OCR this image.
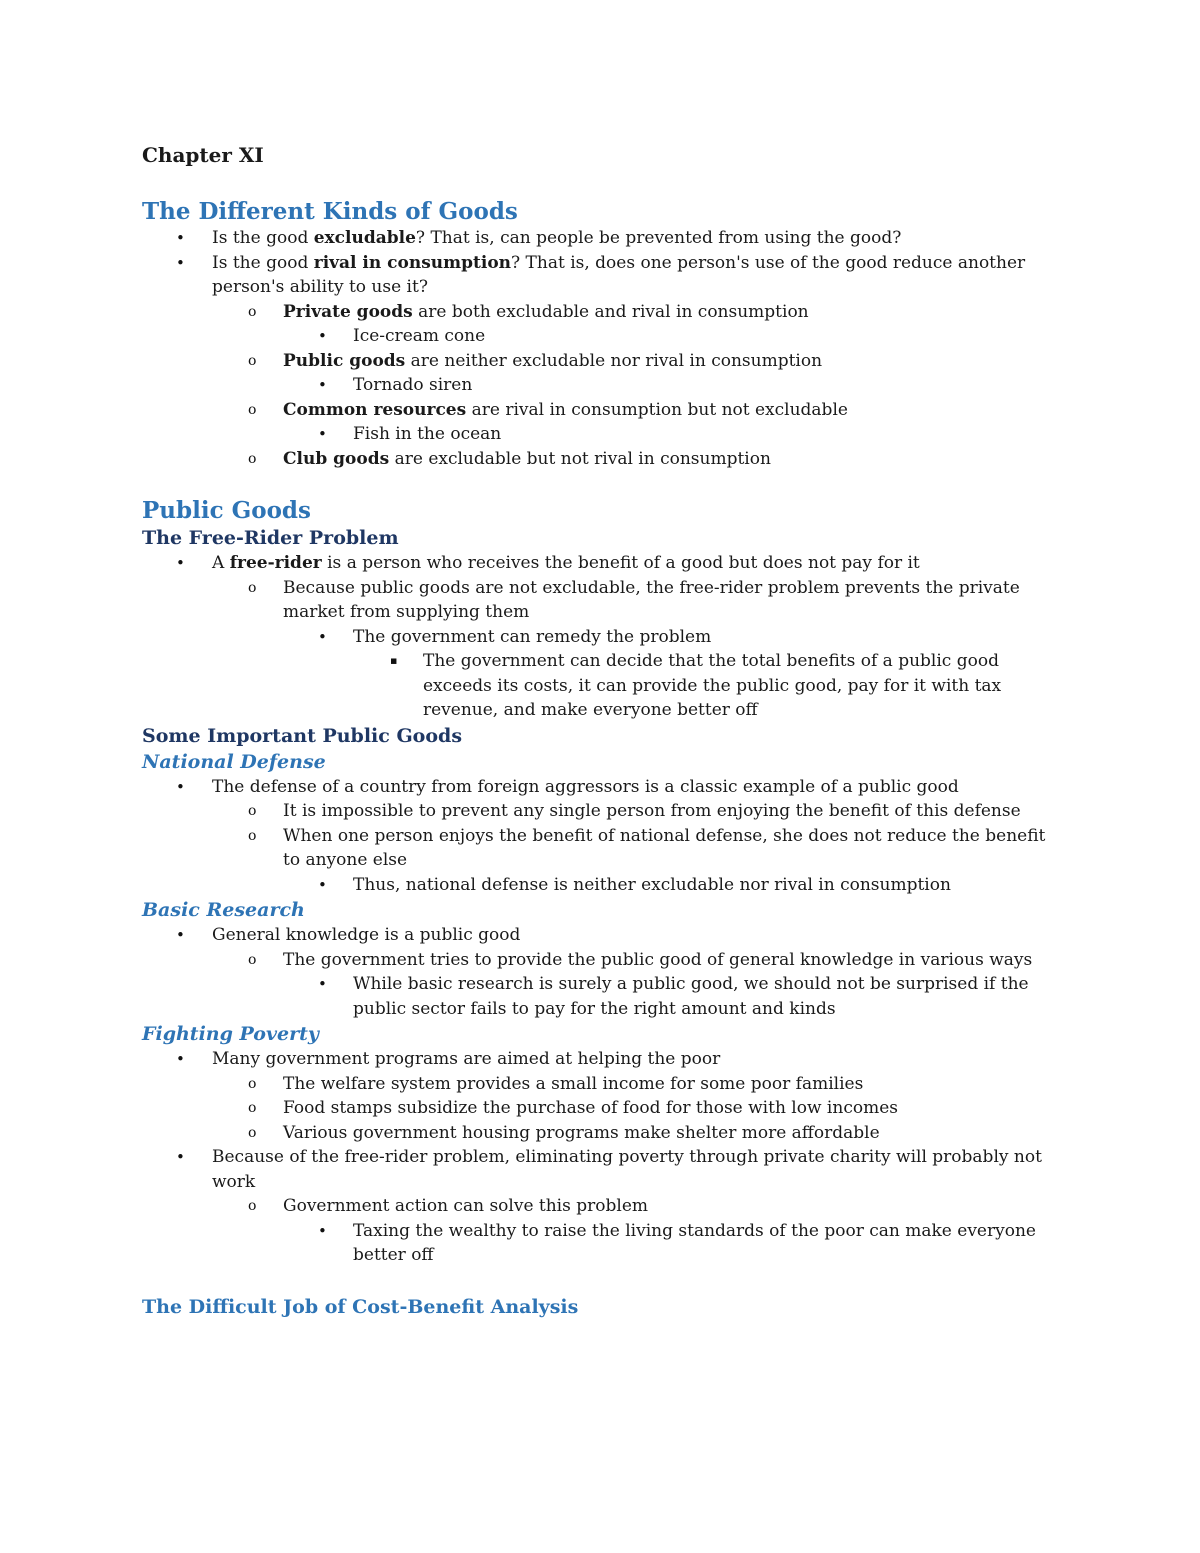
Chapter XI
The Different Kinds of Goods
• Is the good excludable? That is, can people be prevented from using the good?
• Is the good rival in consumption? That is, does one person's use of the good reduce another person's ability to use it?
o Private goods are both excludable and rival in consumption
• Ice-cream cone
o Public goods are neither excludable nor rival in consumption
• Tornado siren
o Common resources are rival in consumption but not excludable
• Fish in the ocean
o Club goods are excludable but not rival in consumption
Public Goods
The Free-Rider Problem
• A free-rider is a person who receives the benefit of a good but does not pay for it
o Because public goods are not excludable, the free-rider problem prevents the private market from supplying them
• The government can remedy the problem
▪ The government can decide that the total benefits of a public good exceeds its costs, it can provide the public good, pay for it with tax revenue, and make everyone better off
Some Important Public Goods
National Defense
• The defense of a country from foreign aggressors is a classic example of a public good
o It is impossible to prevent any single person from enjoying the benefit of this defense
o When one person enjoys the benefit of national defense, she does not reduce the benefit to anyone else
• Thus, national defense is neither excludable nor rival in consumption
Basic Research
• General knowledge is a public good
o The government tries to provide the public good of general knowledge in various ways
• While basic research is surely a public good, we should not be surprised if the public sector fails to pay for the right amount and kinds
Fighting Poverty
• Many government programs are aimed at helping the poor
o The welfare system provides a small income for some poor families
o Food stamps subsidize the purchase of food for those with low incomes
o Various government housing programs make shelter more affordable
• Because of the free-rider problem, eliminating poverty through private charity will probably not work
o Government action can solve this problem
• Taxing the wealthy to raise the living standards of the poor can make everyone better off
The Difficult Job of Cost-Benefit Analysis
